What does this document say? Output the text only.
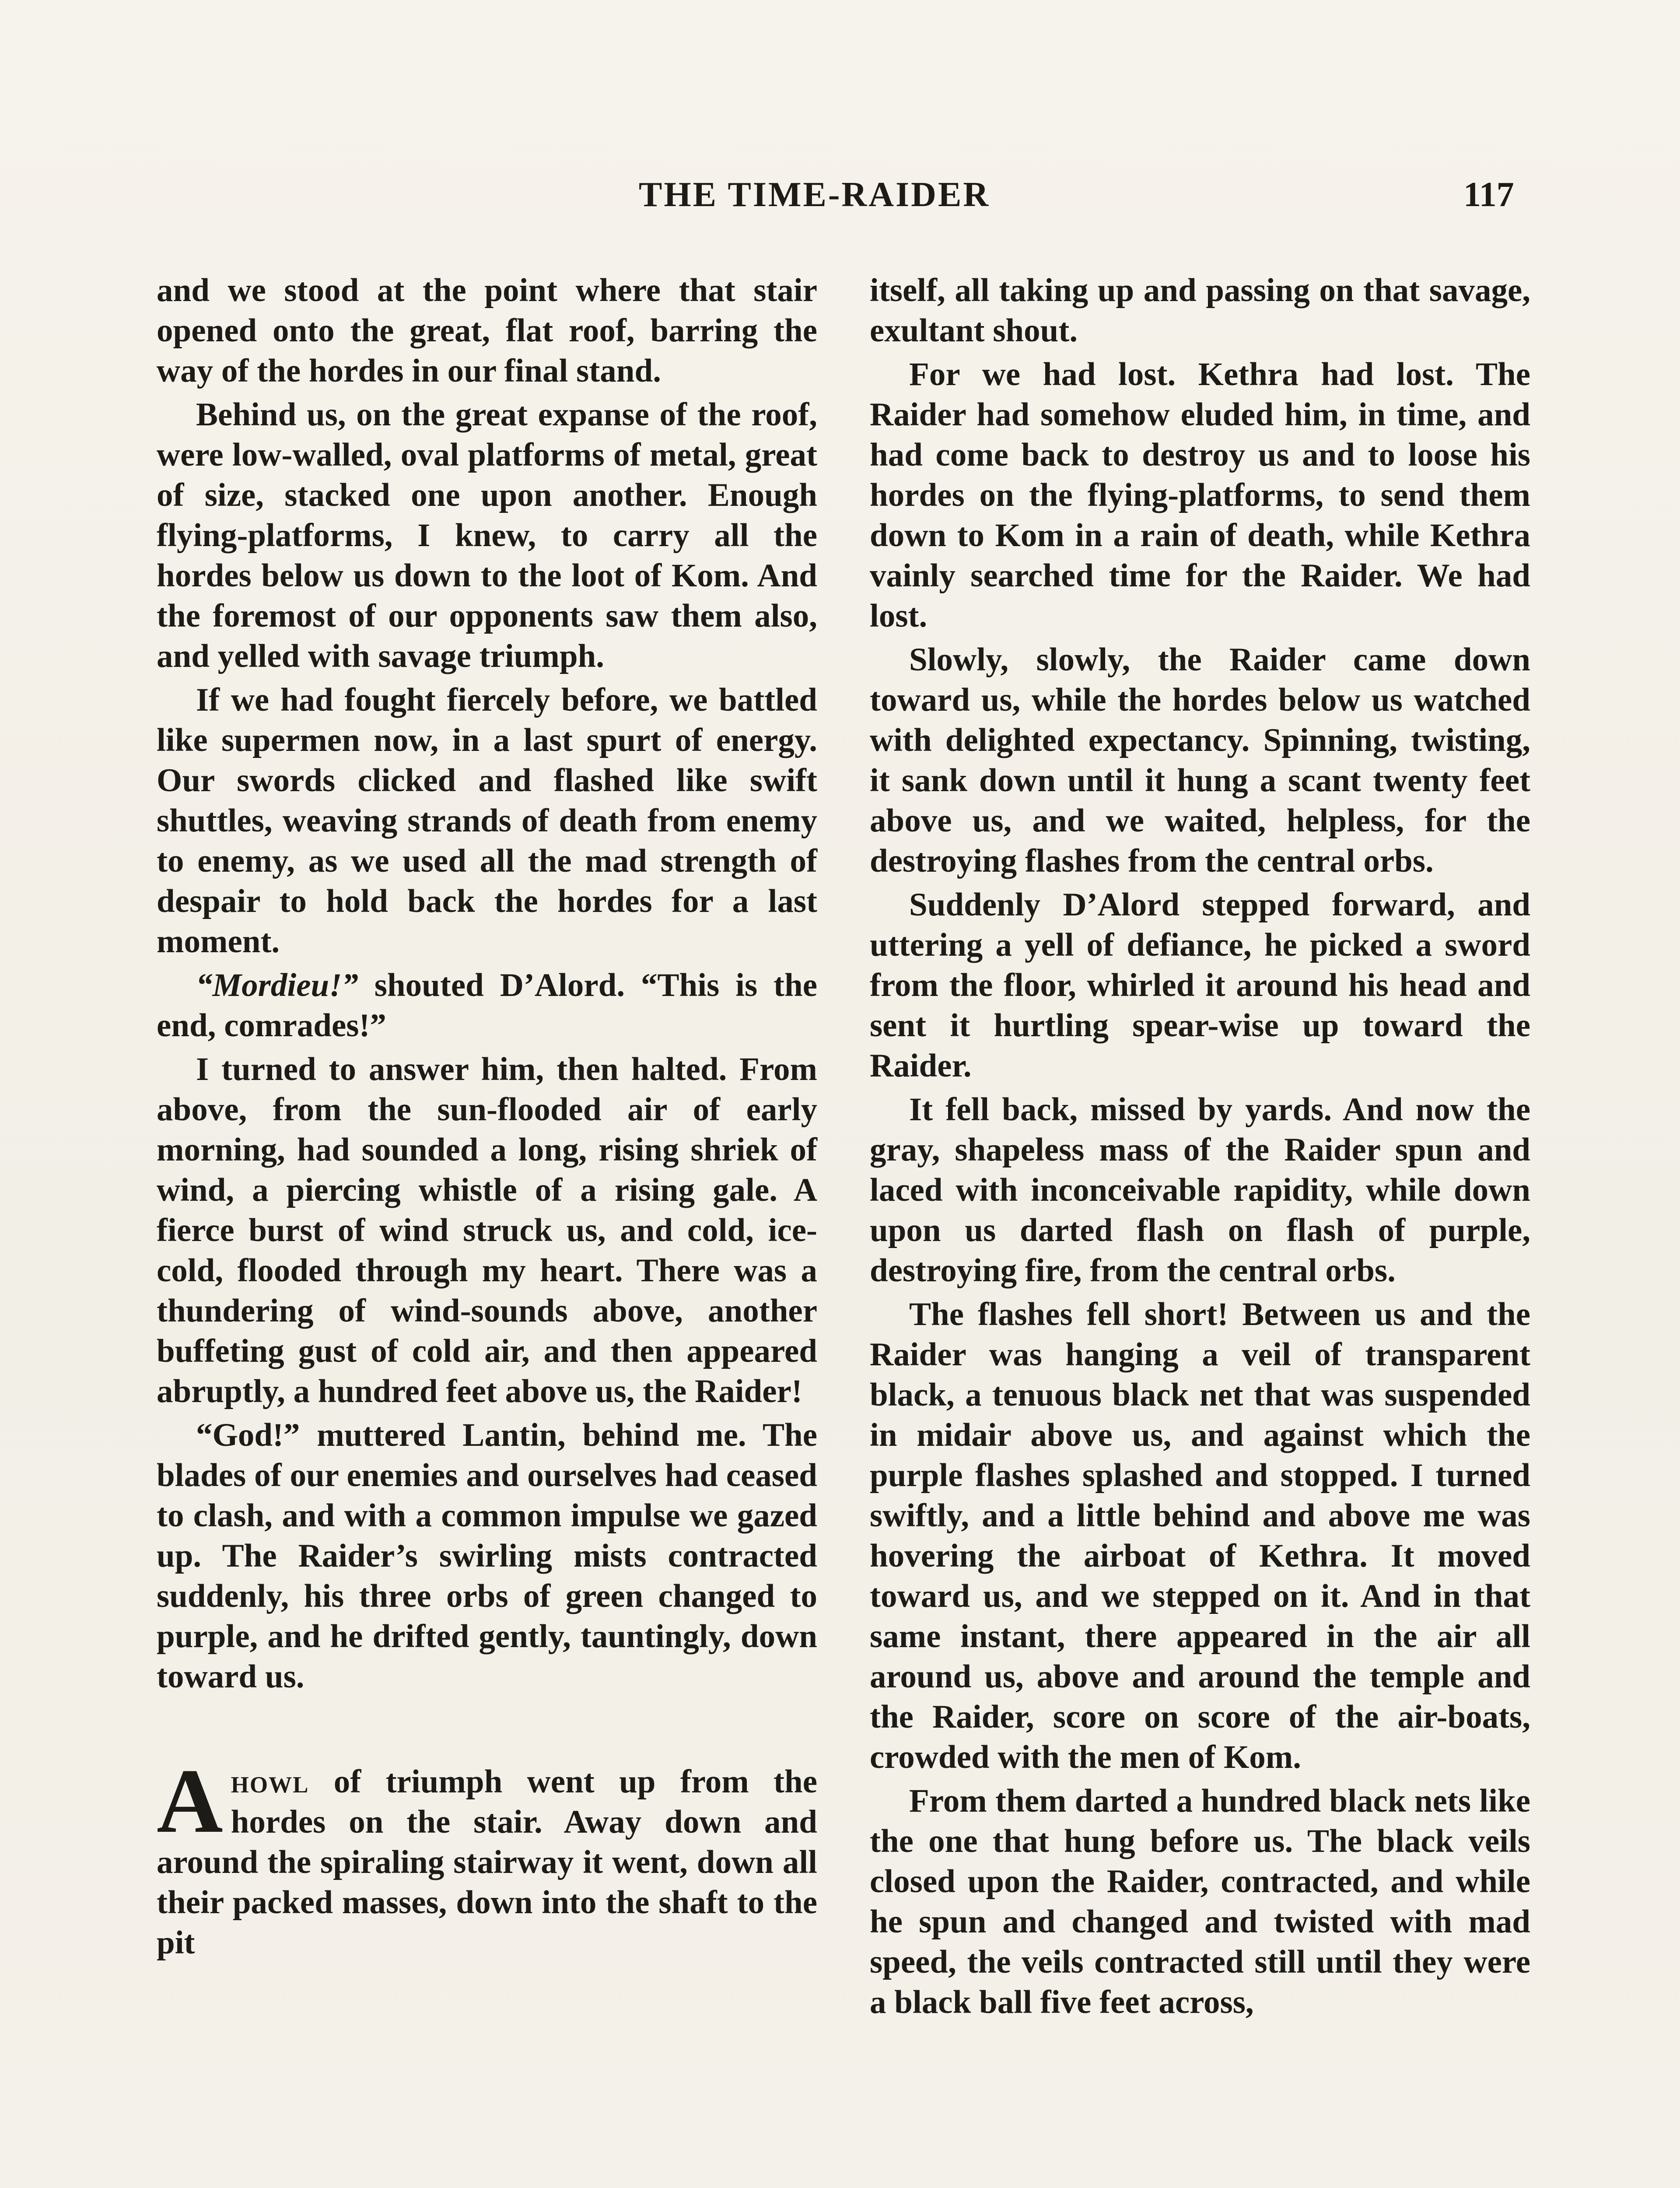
THE TIME-RAIDER	117

and we stood at the point where that stair opened onto the great, flat roof, barring the way of the hordes in our final stand.

Behind us, on the great expanse of the roof, were low-walled, oval platforms of metal, great of size, stacked one upon another. Enough flying-platforms, I knew, to carry all the hordes below us down to the loot of Kom. And the foremost of our opponents saw them also, and yelled with savage triumph.

If we had fought fiercely before, we battled like supermen now, in a last spurt of energy. Our swords clicked and flashed like swift shuttles, weaving strands of death from enemy to enemy, as we used all the mad strength of despair to hold back the hordes for a last moment.

“Mordieu!” shouted D’Alord. “This is the end, comrades!”

I turned to answer him, then halted. From above, from the sun-flooded air of early morning, had sounded a long, rising shriek of wind, a piercing whistle of a rising gale. A fierce burst of wind struck us, and cold, ice-cold, flooded through my heart. There was a thundering of wind-sounds above, another buffeting gust of cold air, and then appeared abruptly, a hundred feet above us, the Raider!

“God!” muttered Lantin, behind me. The blades of our enemies and ourselves had ceased to clash, and with a common impulse we gazed up. The Raider’s swirling mists contracted suddenly, his three orbs of green changed to purple, and he drifted gently, tauntingly, down toward us.

Ahowl of triumph went up from the hordes on the stair. Away down and around the spiraling stairway it went, down all their packed masses, down into the shaft to the pit

itself, all taking up and passing on that savage, exultant shout.

For we had lost. Kethra had lost. The Raider had somehow eluded him, in time, and had come back to destroy us and to loose his hordes on the flying-platforms, to send them down to Kom in a rain of death, while Kethra vainly searched time for the Raider. We had lost.

Slowly, slowly, the Raider came down toward us, while the hordes below us watched with delighted expectancy. Spinning, twisting, it sank down until it hung a scant twenty feet above us, and we waited, helpless, for the destroying flashes from the central orbs.

Suddenly D’Alord stepped forward, and uttering a yell of defiance, he picked a sword from the floor, whirled it around his head and sent it hurtling spear-wise up toward the Raider.

It fell back, missed by yards. And now the gray, shapeless mass of the Raider spun and laced with inconceivable rapidity, while down upon us darted flash on flash of purple, destroying fire, from the central orbs.

The flashes fell short! Between us and the Raider was hanging a veil of transparent black, a tenuous black net that was suspended in midair above us, and against which the purple flashes splashed and stopped. I turned swiftly, and a little behind and above me was hovering the airboat of Kethra. It moved toward us, and we stepped on it. And in that same instant, there appeared in the air all around us, above and around the temple and the Raider, score on score of the air-boats, crowded with the men of Kom.

From them darted a hundred black nets like the one that hung before us. The black veils closed upon the Raider, contracted, and while he spun and changed and twisted with mad speed, the veils contracted still until they were a black ball five feet across,
